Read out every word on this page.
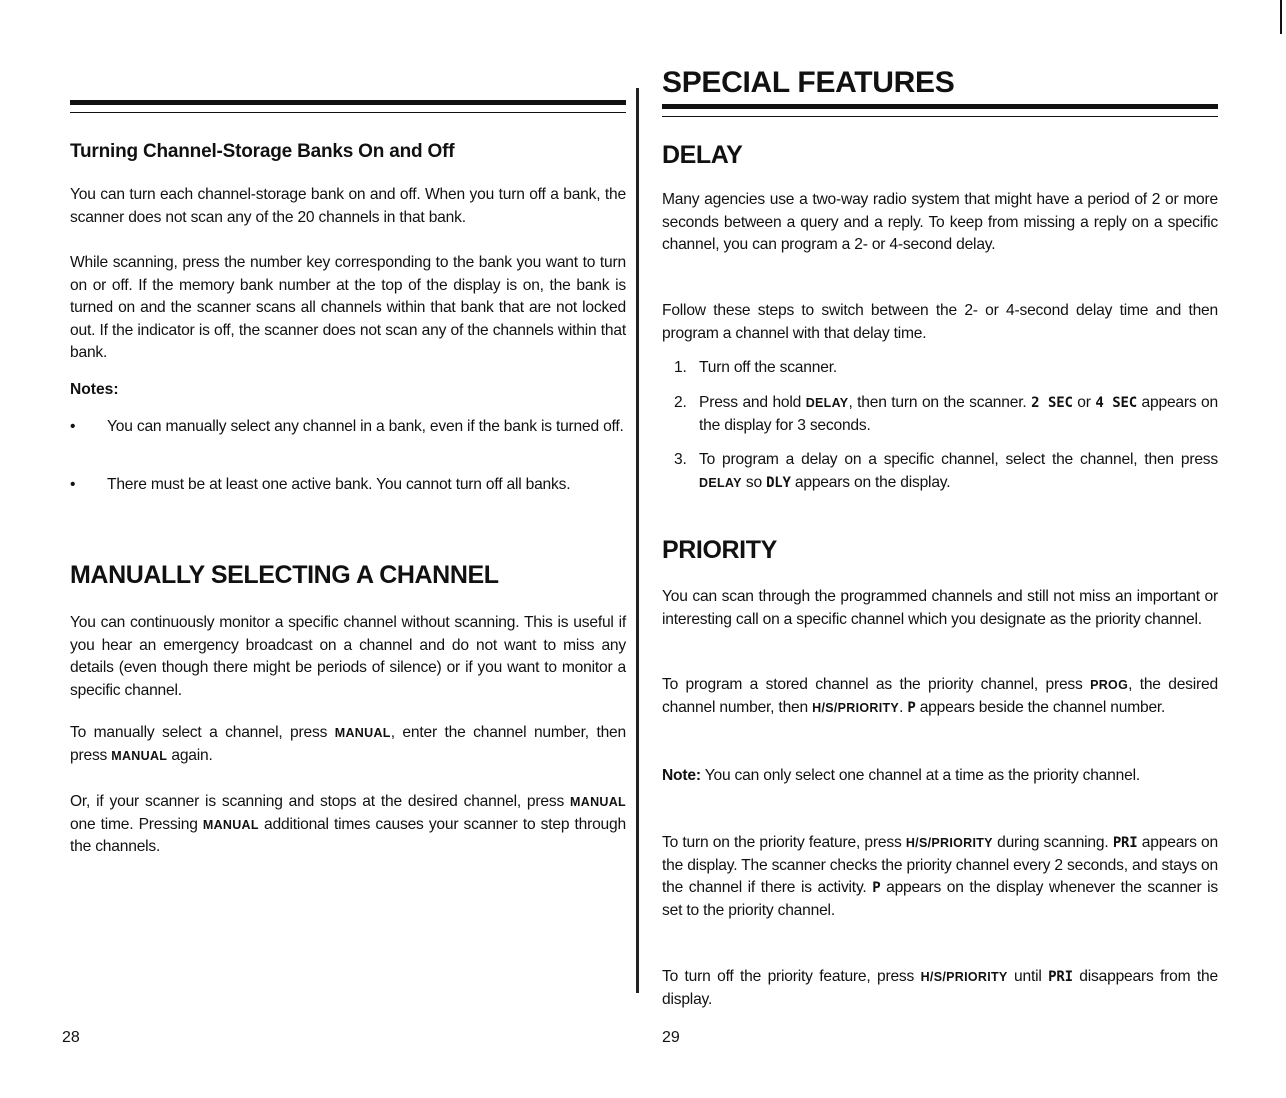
Turning Channel-Storage Banks On and Off

You can turn each channel-storage bank on and off. When you turn off a bank, the scanner does not scan any of the 20 channels in that bank.

While scanning, press the number key corresponding to the bank you want to turn on or off. If the memory bank number at the top of the display is on, the bank is turned on and the scanner scans all channels within that bank that are not locked out. If the indicator is off, the scanner does not scan any of the channels within that bank.

Notes:
• You can manually select any channel in a bank, even if the bank is turned off.
• There must be at least one active bank. You cannot turn off all banks.
MANUALLY SELECTING A CHANNEL

You can continuously monitor a specific channel without scanning. This is useful if you hear an emergency broadcast on a channel and do not want to miss any details (even though there might be periods of silence) or if you want to monitor a specific channel.

To manually select a channel, press MANUAL, enter the channel number, then press MANUAL again.

Or, if your scanner is scanning and stops at the desired channel, press MANUAL one time. Pressing MANUAL additional times causes your scanner to step through the channels.

28
SPECIAL FEATURES
DELAY

Many agencies use a two-way radio system that might have a period of 2 or more seconds between a query and a reply. To keep from missing a reply on a specific channel, you can program a 2- or 4-second delay.

Follow these steps to switch between the 2- or 4-second delay time and then program a channel with that delay time.

1. Turn off the scanner.
2. Press and hold DELAY, then turn on the scanner. 2 SEC or 4 SEC appears on the display for 3 seconds.
3. To program a delay on a specific channel, select the channel, then press DELAY so DLY appears on the display.
PRIORITY

You can scan through the programmed channels and still not miss an important or interesting call on a specific channel which you designate as the priority channel.

To program a stored channel as the priority channel, press PROG, the desired channel number, then H/S/PRIORITY. P appears beside the channel number.

Note: You can only select one channel at a time as the priority channel.

To turn on the priority feature, press H/S/PRIORITY during scanning. PRI appears on the display. The scanner checks the priority channel every 2 seconds, and stays on the channel if there is activity. P appears on the display whenever the scanner is set to the priority channel.

To turn off the priority feature, press H/S/PRIORITY until PRI disappears from the display.

29
